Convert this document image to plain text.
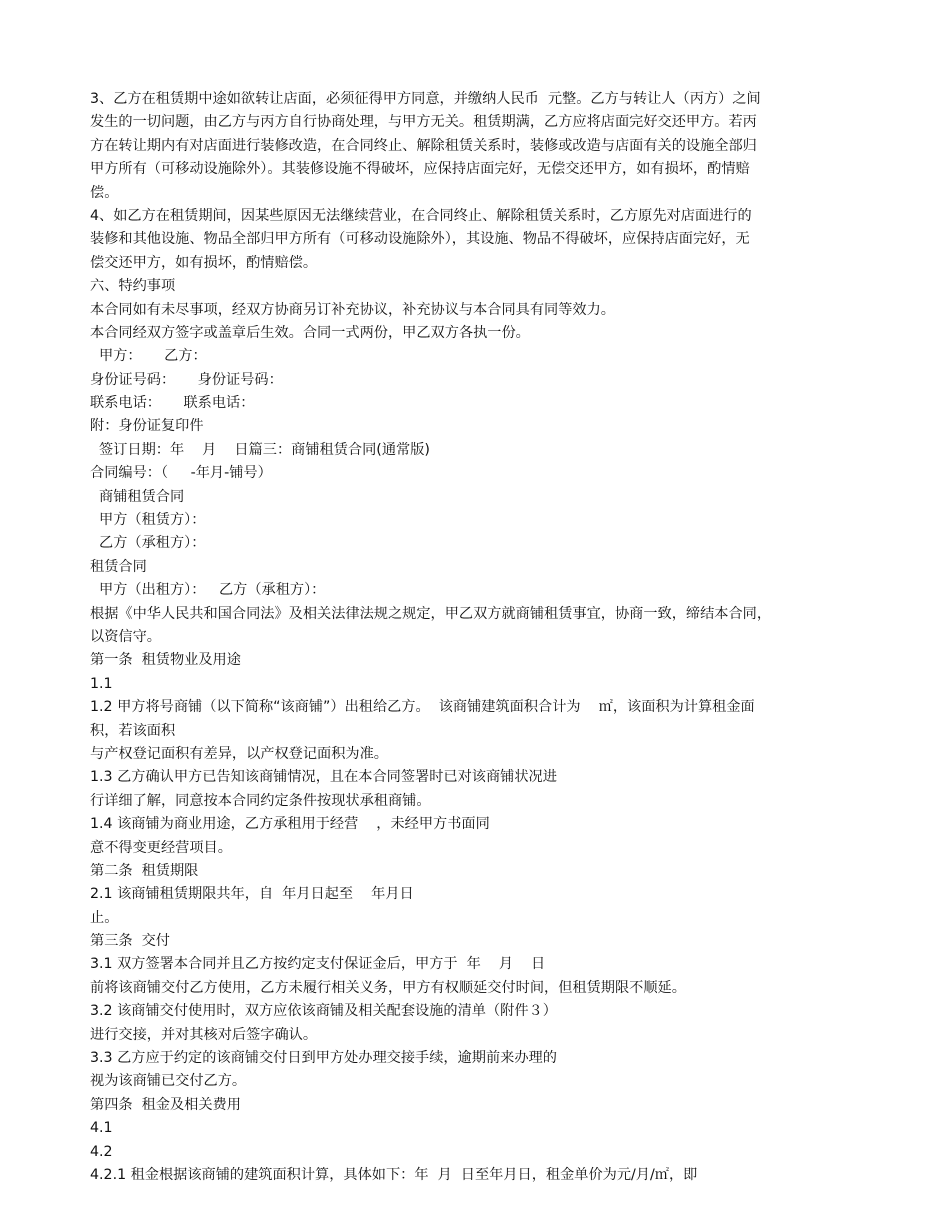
3、乙方在租赁期中途如欲转让店面，必须征得甲方同意，并缴纳人民币  元整。乙方与转让人（丙方）之间
发生的一切问题，由乙方与丙方自行协商处理，与甲方无关。租赁期满，乙方应将店面完好交还甲方。若丙
方在转让期内有对店面进行装修改造，在合同终止、解除租赁关系时，装修或改造与店面有关的设施全部归
甲方所有（可移动设施除外）。其装修设施不得破坏，应保持店面完好，无偿交还甲方，如有损坏，酌情赔
偿。
4、如乙方在租赁期间，因某些原因无法继续营业，在合同终止、解除租赁关系时，乙方原先对店面进行的
装修和其他设施、物品全部归甲方所有（可移动设施除外），其设施、物品不得破坏，应保持店面完好，无
偿交还甲方，如有损坏，酌情赔偿。
六、特约事项
本合同如有未尽事项，经双方协商另订补充协议，补充协议与本合同具有同等效力。
本合同经双方签字或盖章后生效。合同一式两份，甲乙双方各执一份。
甲方：     乙方：
身份证号码：     身份证号码：
联系电话：     联系电话：
附：身份证复印件
签订日期：年    月    日篇三：商铺租赁合同(通常版)
合同编号：（     -年月-铺号）
商铺租赁合同
甲方（租赁方）：
乙方（承租方）：
租赁合同
甲方（出租方）：   乙方（承租方）：
根据《中华人民共和国合同法》及相关法律法规之规定，甲乙双方就商铺租赁事宜，协商一致，缔结本合同，
以资信守。
第一条  租赁物业及用途
1.1
1.2 甲方将号商铺（以下简称“该商铺”）出租给乙方。  该商铺建筑面积合计为    ㎡，该面积为计算租金面
积，若该面积
与产权登记面积有差异，以产权登记面积为准。
1.3 乙方确认甲方已告知该商铺情况，且在本合同签署时已对该商铺状况进
行详细了解，同意按本合同约定条件按现状承租商铺。
1.4 该商铺为商业用途，乙方承租用于经营    ，未经甲方书面同
意不得变更经营项目。
第二条  租赁期限
2.1 该商铺租赁期限共年，自  年月日起至    年月日
止。
第三条  交付
3.1 双方签署本合同并且乙方按约定支付保证金后，甲方于  年    月    日
前将该商铺交付乙方使用，乙方未履行相关义务，甲方有权顺延交付时间，但租赁期限不顺延。
3.2 该商铺交付使用时，双方应依该商铺及相关配套设施的清单（附件３）
进行交接，并对其核对后签字确认。
3.3 乙方应于约定的该商铺交付日到甲方处办理交接手续，逾期前来办理的
视为该商铺已交付乙方。
第四条  租金及相关费用
4.1
4.2
4.2.1 租金根据该商铺的建筑面积计算，具体如下：年  月  日至年月日，租金单价为元/月/㎡，即
